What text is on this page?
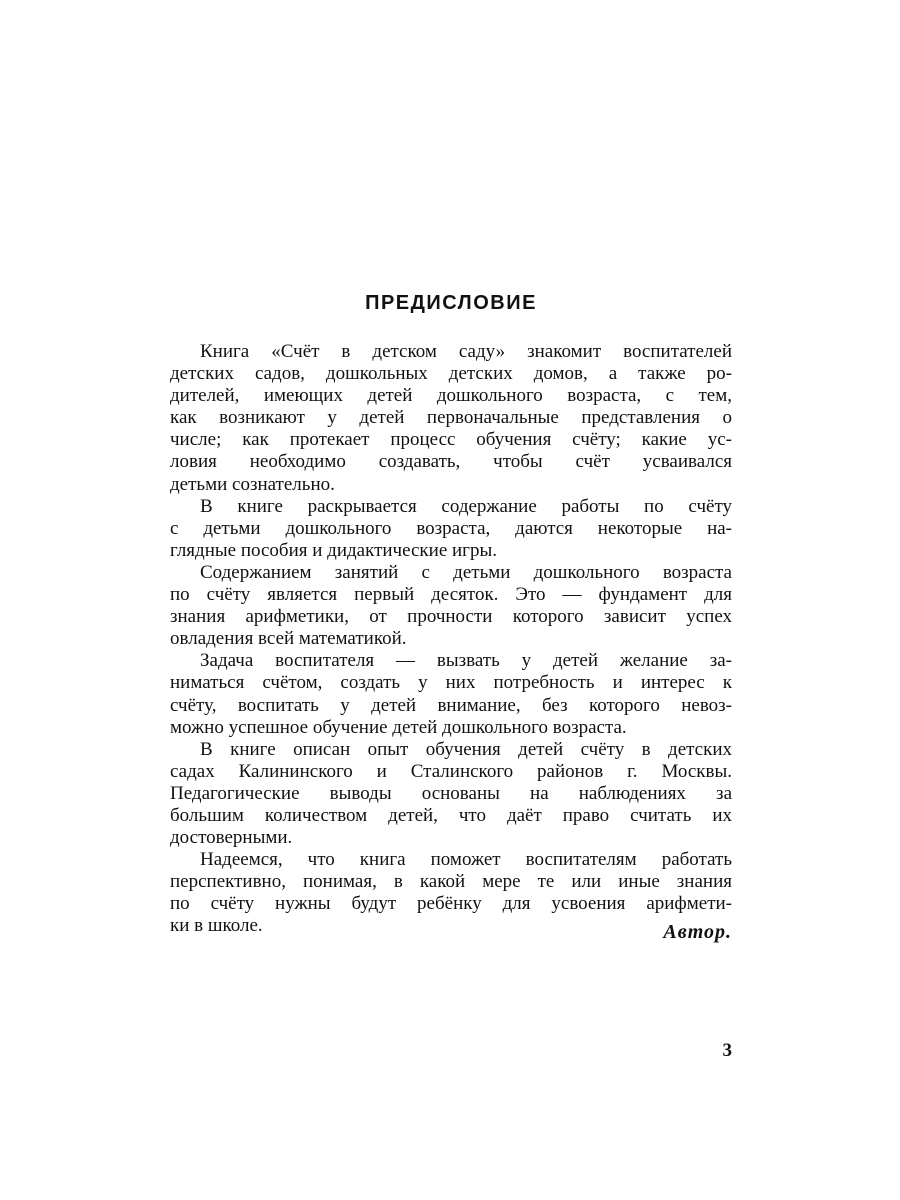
ПРЕДИСЛОВИЕ

Книга «Счёт в детском саду» знакомит воспитателей
детских садов, дошкольных детских домов, а также ро-
дителей, имеющих детей дошкольного возраста, с тем,
как возникают у детей первоначальные представления о
числе; как протекает процесс обучения счёту; какие ус-
ловия необходимо создавать, чтобы счёт усваивался
детьми сознательно.

В книге раскрывается содержание работы по счёту
с детьми дошкольного возраста, даются некоторые на-
глядные пособия и дидактические игры.

Содержанием занятий с детьми дошкольного возраста
по счёту является первый десяток. Это — фундамент для
знания арифметики, от прочности которого зависит успех
овладения всей математикой.

Задача воспитателя — вызвать у детей желание за-
ниматься счётом, создать у них потребность и интерес к
счёту, воспитать у детей внимание, без которого невоз-
можно успешное обучение детей дошкольного возраста.

В книге описан опыт обучения детей счёту в детских
садах Калининского и Сталинского районов г. Москвы.
Педагогические выводы основаны на наблюдениях за
большим количеством детей, что даёт право считать их
достоверными.

Надеемся, что книга поможет воспитателям работать
перспективно, понимая, в какой мере те или иные знания
по счёту нужны будут ребёнку для усвоения арифмети-
ки в школе.	Автор.

3
